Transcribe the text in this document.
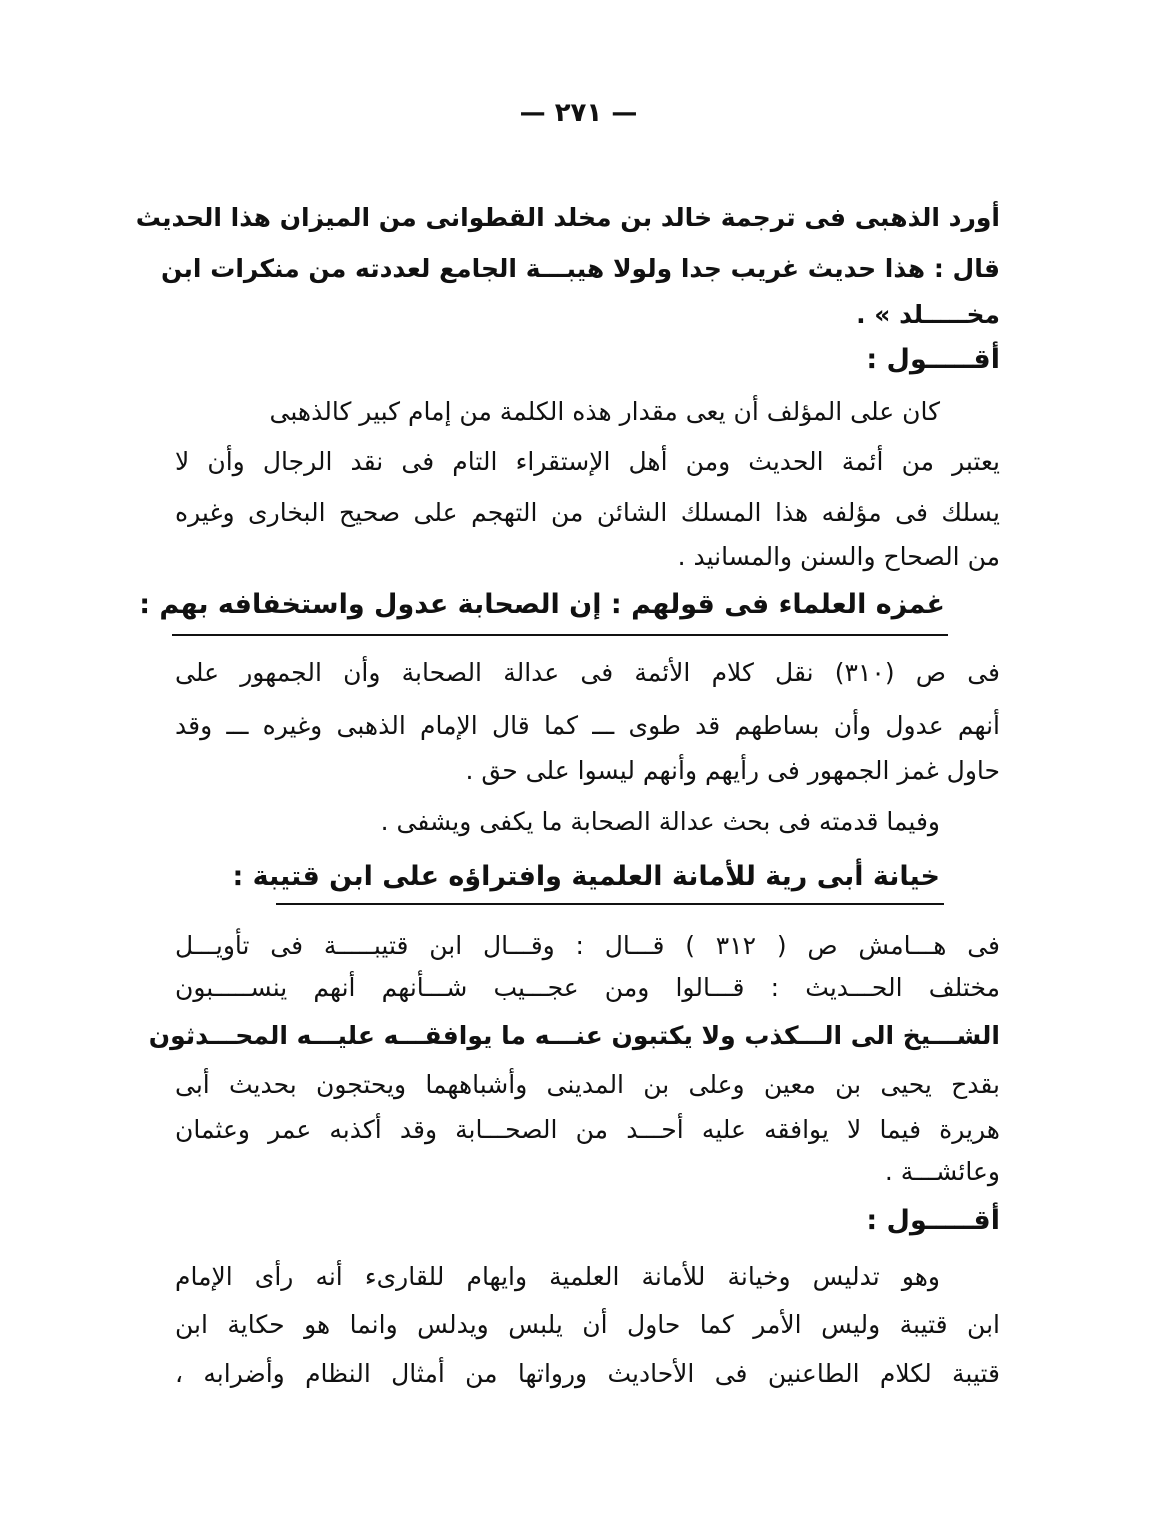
— ٢٧١ —
أورد الذهبى فى ترجمة خالد بن مخلد القطوانى من الميزان هذا الحديث
قال : هذا حديث غريب جدا ولولا هيبـــة الجامع لعددته من منكرات ابن
مخـــــلد » .
أقـــــول :
كان على المؤلف أن يعى مقدار هذه الكلمة من إمام كبير كالذهبى
يعتبر من أئمة الحديث ومن أهل الإستقراء التام فى نقد الرجال وأن لا
يسلك فى مؤلفه هذا المسلك الشائن من التهجم على صحيح البخارى وغيره
من الصحاح والسنن والمسانيد .
غمزه العلماء فى قولهم : إن الصحابة عدول واستخفافه بهم :
فى ص (٣١٠) نقل كلام الأئمة فى عدالة الصحابة وأن الجمهور على
أنهم عدول وأن بساطهم قد طوى ـــ كما قال الإمام الذهبى وغيره ـــ وقد
حاول غمز الجمهور فى رأيهم وأنهم ليسوا على حق .
وفيما قدمته فى بحث عدالة الصحابة ما يكفى ويشفى .
خيانة أبى رية للأمانة العلمية وافتراؤه على ابن قتيبة :
فى هـــامش ص ( ٣١٢ ) قـــال : وقـــال ابن قتيبـــــة فى تأويـــل
مختلف الحـــديث : قـــالوا ومن عجـــيب شـــأنهم أنهم ينســـــبون
الشـــيخ الى الـــكذب ولا يكتبون عنـــه ما يوافقـــه عليـــه المحـــدثون
بقدح يحيى بن معين وعلى بن المدينى وأشباههما ويحتجون بحديث أبى
هريرة فيما لا يوافقه عليه أحـــد من الصحـــابة وقد أكذبه عمر وعثمان
وعائشـــة .
أقـــــول :
وهو تدليس وخيانة للأمانة العلمية وايهام للقارىء أنه رأى الإمام
ابن قتيبة وليس الأمر كما حاول أن يلبس ويدلس وانما هو حكاية ابن
قتيبة لكلام الطاعنين فى الأحاديث ورواتها من أمثال النظام وأضرابه ،
